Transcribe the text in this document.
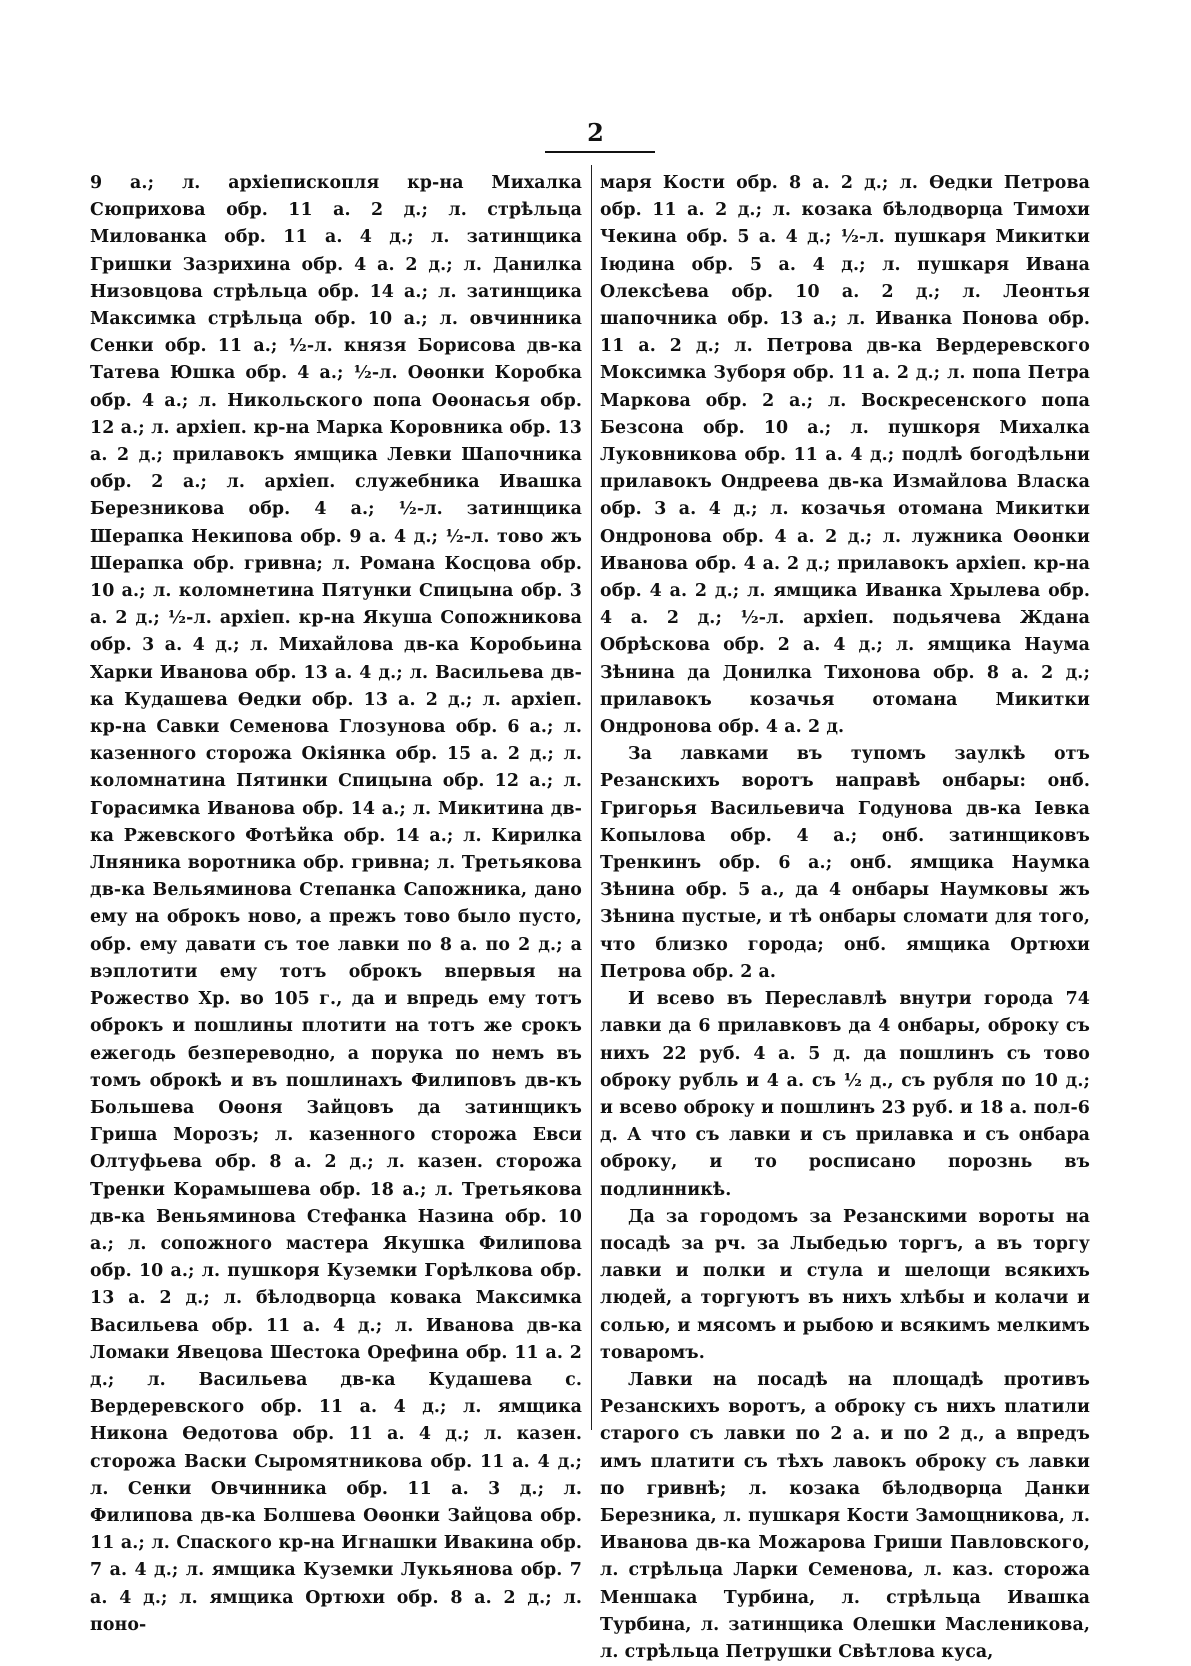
2

9 а.; л. архіепископля кр-на Михалка Сюприхова обр. 11 а. 2 д.; л. стрѣльца Милованка обр. 11 а. 4 д.; л. затинщика Гришки Зазрихина обр. 4 а. 2 д.; л. Данилка Низовцова стрѣльца обр. 14 а.; л. затинщика Максимка стрѣльца обр. 10 а.; л. овчинника Сенки обр. 11 а.; ½-л. князя Борисова дв-ка Татева Юшка обр. 4 а.; ½-л. Оѳонки Коробка обр. 4 а.; л. Никольского попа Оѳонасья обр. 12 а.; л. архіеп. кр-на Марка Коровника обр. 13 а. 2 д.; прилавокъ ямщика Левки Шапочника обр. 2 а.; л. архіеп. служебника Ивашка Березникова обр. 4 а.; ½-л. затинщика Шерапка Некипова обр. 9 а. 4 д.; ½-л. тово жъ Шерапка обр. гривна; л. Романа Косцова обр. 10 а.; л. коломнетина Пятунки Спицына обр. 3 а. 2 д.; ½-л. архіеп. кр-на Якуша Сопожникова обр. 3 а. 4 д.; л. Михайлова дв-ка Коробьина Харки Иванова обр. 13 а. 4 д.; л. Васильева дв-ка Кудашева Ѳедки обр. 13 а. 2 д.; л. архіеп. кр-на Савки Семенова Глозунова обр. 6 а.; л. казенного сторожа Окіянка обр. 15 а. 2 д.; л. коломнатина Пятинки Спицына обр. 12 а.; л. Горасимка Иванова обр. 14 а.; л. Микитина дв-ка Ржевского Фотѣйка обр. 14 а.; л. Кирилка Лняника воротника обр. гривна; л. Третьякова дв-ка Вельяминова Степанка Сапожника, дано ему на оброкъ ново, а прежъ тово было пусто, обр. ему давати съ тое лавки по 8 а. по 2 д.; а вэплотити ему тотъ оброкъ впервыя на Рожество Хр. во 105 г., да и впредь ему тотъ оброкъ и пошлины плотити на тотъ же срокъ ежегодь безпереводно, а порука по немъ въ томъ оброкѣ и въ пошлинахъ Филиповъ дв-къ Большева Оѳоня Зайцовъ да затинщикъ Гриша Морозъ; л. казенного сторожа Евси Олтуфьева обр. 8 а. 2 д.; л. казен. сторожа Тренки Корамышева обр. 18 а.; л. Третьякова дв-ка Веньяминова Стефанка Назина обр. 10 а.; л. сопожного мастера Якушка Филипова обр. 10 а.; л. пушкоря Куземки Горѣлкова обр. 13 а. 2 д.; л. бѣлодворца ковака Максимка Васильева обр. 11 а. 4 д.; л. Иванова дв-ка Ломаки Явецова Шестока Орефина обр. 11 а. 2 д.; л. Васильева дв-ка Кудашева с. Вердеревского обр. 11 а. 4 д.; л. ямщика Никона Ѳедотова обр. 11 а. 4 д.; л. казен. сторожа Васки Сыромятникова обр. 11 а. 4 д.; л. Сенки Овчинника обр. 11 а. 3 д.; л. Филипова дв-ка Болшева Оѳонки Зайцова обр. 11 а.; л. Спаского кр-на Игнашки Ивакина обр. 7 а. 4 д.; л. ямщика Куземки Лукьянова обр. 7 а. 4 д.; л. ямщика Ортюхи обр. 8 а. 2 д.; л. поно-

маря Кости обр. 8 а. 2 д.; л. Ѳедки Петрова обр. 11 а. 2 д.; л. козака бѣлодворца Тимохи Чекина обр. 5 а. 4 д.; ½-л. пушкаря Микитки Іюдина обр. 5 а. 4 д.; л. пушкаря Ивана Олексѣева обр. 10 а. 2 д.; л. Леонтья шапочника обр. 13 а.; л. Иванка Понова обр. 11 а. 2 д.; л. Петрова дв-ка Вердеревского Моксимка Зуборя обр. 11 а. 2 д.; л. попа Петра Маркова обр. 2 а.; л. Воскресенского попа Безсона обр. 10 а.; л. пушкоря Михалка Луковникова обр. 11 а. 4 д.; подлѣ богодѣльни прилавокъ Ондреева дв-ка Измайлова Власка обр. 3 а. 4 д.; л. козачья отомана Микитки Ондронова обр. 4 а. 2 д.; л. лужника Оѳонки Иванова обр. 4 а. 2 д.; прилавокъ архіеп. кр-на обр. 4 а. 2 д.; л. ямщика Иванка Хрылева обр. 4 а. 2 д.; ½-л. архіеп. подьячева Ждана Обрѣскова обр. 2 а. 4 д.; л. ямщика Наума Зѣнина да Донилка Тихонова обр. 8 а. 2 д.; прилавокъ козачья отомана Микитки Ондронова обр. 4 а. 2 д.

За лавками въ тупомъ заулкѣ отъ Резанскихъ воротъ направѣ онбары: онб. Григорья Васильевича Годунова дв-ка Іевка Копылова обр. 4 а.; онб. затинщиковъ Тренкинъ обр. 6 а.; онб. ямщика Наумка Зѣнина обр. 5 а., да 4 онбары Наумковы жъ Зѣнина пустые, и тѣ онбары сломати для того, что близко города; онб. ямщика Ортюхи Петрова обр. 2 а.

И всево въ Переславлѣ внутри города 74 лавки да 6 прилавковъ да 4 онбары, оброку съ нихъ 22 руб. 4 а. 5 д. да пошлинъ съ тово оброку рубль и 4 а. съ ½ д., съ рубля по 10 д.; и всево оброку и пошлинъ 23 руб. и 18 а. пол-6 д. А что съ лавки и съ прилавка и съ онбара оброку, и то росписано порознь въ подлинникѣ.

Да за городомъ за Резанскими вороты на посадѣ за рч. за Лыбедью торгъ, а въ торгу лавки и полки и стула и шелощи всякихъ людей, а торгуютъ въ нихъ хлѣбы и колачи и солью, и мясомъ и рыбою и всякимъ мелкимъ товаромъ.

Лавки на посадѣ на площадѣ противъ Резанскихъ воротъ, а оброку съ нихъ платили старого съ лавки по 2 а. и по 2 д., а впредъ имъ платити съ тѣхъ лавокъ оброку съ лавки по гривнѣ; л. козака бѣлодворца Данки Березника, л. пушкаря Кости Замощникова, л. Иванова дв-ка Можарова Гриши Павловского, л. стрѣльца Ларки Семенова, л. каз. сторожа Меншака Турбина, л. стрѣльца Ивашка Турбина, л. затинщика Олешки Масленикова, л. стрѣльца Петрушки Свѣтлова куса,
